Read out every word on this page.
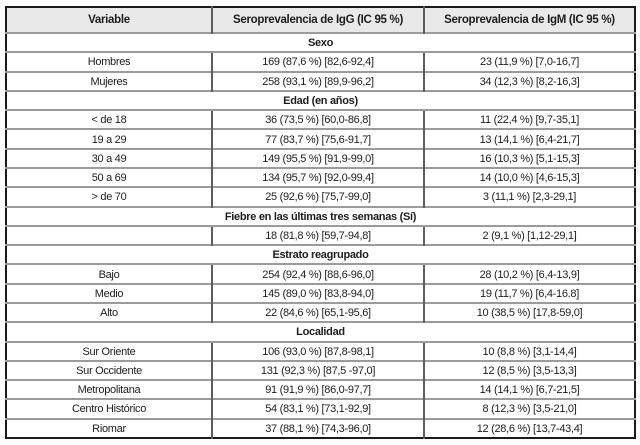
Variable	Seroprevalencia de IgG (IC 95 %)	Seroprevalencia de IgM (IC 95 %)
Sexo		
Hombres	169 (87,6 %) [82,6-92,4]	23 (11,9 %) [7,0-16,7]
Mujeres	258 (93,1 %) [89,9-96,2]	34 (12,3 %) [8,2-16,3]
Edad (en años)		
< de 18	36 (73,5 %) [60,0-86,8]	11 (22,4 %) [9,7-35,1]
19 a 29	77 (83,7 %) [75,6-91,7]	13 (14,1 %) [6,4-21,7]
30 a 49	149 (95,5 %) [91,9-99,0]	16 (10,3 %) [5,1-15,3]
50 a 69	134 (95,7 %) [92,0-99,4]	14 (10,0 %) [4,6-15,3]
> de 70	25 (92,6 %) [75,7-99,0]	3 (11,1 %) [2,3-29,1]
Fiebre en las últimas tres semanas (Sí)		
	18 (81,8 %) [59,7-94,8]	2 (9,1 %) [1,12-29,1]
Estrato reagrupado		
Bajo	254 (92,4 %) [88,6-96,0]	28 (10,2 %) [6,4-13,9]
Medio	145 (89,0 %) [83,8-94,0]	19 (11,7 %) [6,4-16.8]
Alto	22 (84,6 %) [65,1-95,6]	10 (38,5 %) [17,8-59,0]
Localidad		
Sur Oriente	106 (93,0 %) [87,8-98,1]	10 (8,8 %) [3,1-14,4]
Sur Occidente	131 (92,3 %) [87,5 -97,0]	12 (8,5 %) [3,5-13,3]
Metropolitana	91 (91,9 %) [86,0-97,7]	14 (14,1 %) [6,7-21,5]
Centro Histórico	54 (83,1 %) [73,1-92,9]	8 (12,3 %) [3,5-21,0]
Riomar	37 (88,1 %) [74,3-96,0]	12 (28,6 %) [13,7-43,4]
